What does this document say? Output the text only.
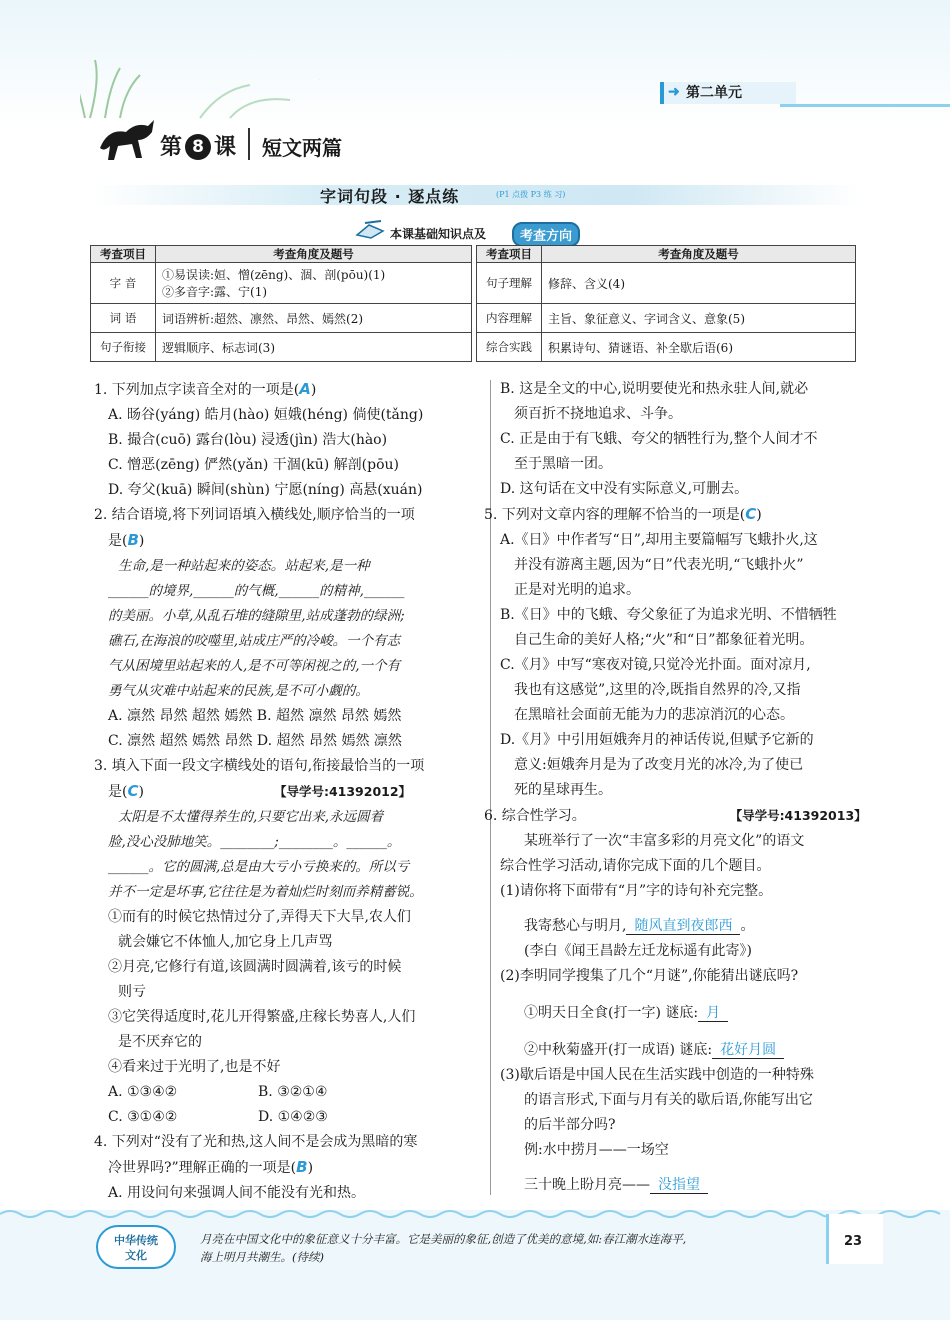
第二单元
➜
第 8 课 短文两篇
字词句段 · 逐点练	(P1 点拨 P3 练 习)
本课基础知识点及	考查方向
考查项目	考查角度及题号
字 音	①易误读:姮、憎(zēng)、涸、剖(pōu)(1)
②多音字:露、宁(1)

词 语	词语辨析:超然、凛然、昂然、嫣然(2)
句子衔接	逻辑顺序、标志词(3)
考查项目	考查角度及题号
句子理解	修辞、含义(4)
内容理解	主旨、象征意义、字词含义、意象(5)
综合实践	积累诗句、猜谜语、补全歇后语(6)

1. 下列加点字读音全对的一项是(A)

A. 旸谷(yáng) 皓月(hào) 姮娥(héng) 倘使(tǎng)

B. 撮合(cuō) 露台(lòu) 浸透(jìn) 浩大(hào)

C. 憎恶(zēng) 俨然(yǎn) 干涸(kū) 解剖(pōu)

D. 夸父(kuā) 瞬间(shùn) 宁愿(níng) 高悬(xuán)

2. 结合语境,将下列词语填入横线处,顺序恰当的一项

是(B)

生命,是一种站起来的姿态。站起来,是一种

______的境界,______的气概,______的精神,______

的美丽。小草,从乱石堆的缝隙里,站成蓬勃的绿洲;

礁石,在海浪的咬噬里,站成庄严的冷峻。一个有志

气从困境里站起来的人,是不可等闲视之的,一个有

勇气从灾难中站起来的民族,是不可小觑的。

A. 凛然 昂然 超然 嫣然 B. 超然 凛然 昂然 嫣然

C. 凛然 超然 嫣然 昂然 D. 超然 昂然 嫣然 凛然

3. 填入下面一段文字横线处的语句,衔接最恰当的一项

是(C)	【导学号:41392012】

太阳是不太懂得养生的,只要它出来,永远圆着

脸,没心没肺地笑。________;________。______。

______。它的圆满,总是由大亏小亏换来的。所以亏

并不一定是坏事,它往往是为着灿烂时刻而养精蓄锐。

①而有的时候它热情过分了,弄得天下大旱,农人们

就会嫌它不体恤人,加它身上几声骂

②月亮,它修行有道,该圆满时圆满着,该亏的时候

则亏

③它笑得适度时,花儿开得繁盛,庄稼长势喜人,人们

是不厌弃它的

④看来过于光明了,也是不好

A. ①③④②	B. ③②①④

C. ③①④②	D. ①④②③

4. 下列对“没有了光和热,这人间不是会成为黑暗的寒

冷世界吗?”理解正确的一项是(B)

A. 用设问句来强调人间不能没有光和热。

B. 这是全文的中心,说明要使光和热永驻人间,就必

须百折不挠地追求、斗争。

C. 正是由于有飞蛾、夸父的牺牲行为,整个人间才不

至于黑暗一团。

D. 这句话在文中没有实际意义,可删去。

5. 下列对文章内容的理解不恰当的一项是(C)

A.《日》中作者写“日”,却用主要篇幅写飞蛾扑火,这

并没有游离主题,因为“日”代表光明,“飞蛾扑火”

正是对光明的追求。

B.《日》中的飞蛾、夸父象征了为追求光明、不惜牺牲

自己生命的美好人格;“火”和“日”都象征着光明。

C.《月》中写“寒夜对镜,只觉冷光扑面。面对凉月,

我也有这感觉”,这里的冷,既指自然界的冷,又指

在黑暗社会面前无能为力的悲凉消沉的心态。

D.《月》中引用姮娥奔月的神话传说,但赋予它新的

意义:姮娥奔月是为了改变月光的冰冷,为了使已

死的星球再生。

6. 综合性学习。	【导学号:41392013】

某班举行了一次“丰富多彩的月亮文化”的语文

综合性学习活动,请你完成下面的几个题目。

(1)请你将下面带有“月”字的诗句补充完整。

我寄愁心与明月, 随风直到夜郎西 。

(李白《闻王昌龄左迁龙标遥有此寄》)

(2)李明同学搜集了几个“月谜”,你能猜出谜底吗?

①明天日全食(打一字) 谜底: 月

②中秋菊盛开(打一成语) 谜底: 花好月圆

(3)歇后语是中国人民在生活实践中创造的一种特殊

的语言形式,下面与月有关的歇后语,你能写出它

的后半部分吗?

例:水中捞月——一场空

三十晚上盼月亮—— 没指望

中华传统
文化
月亮在中国文化中的象征意义十分丰富。它是美丽的象征,创造了优美的意境,如:春江潮水连海平,
海上明月共潮生。(待续)
23
